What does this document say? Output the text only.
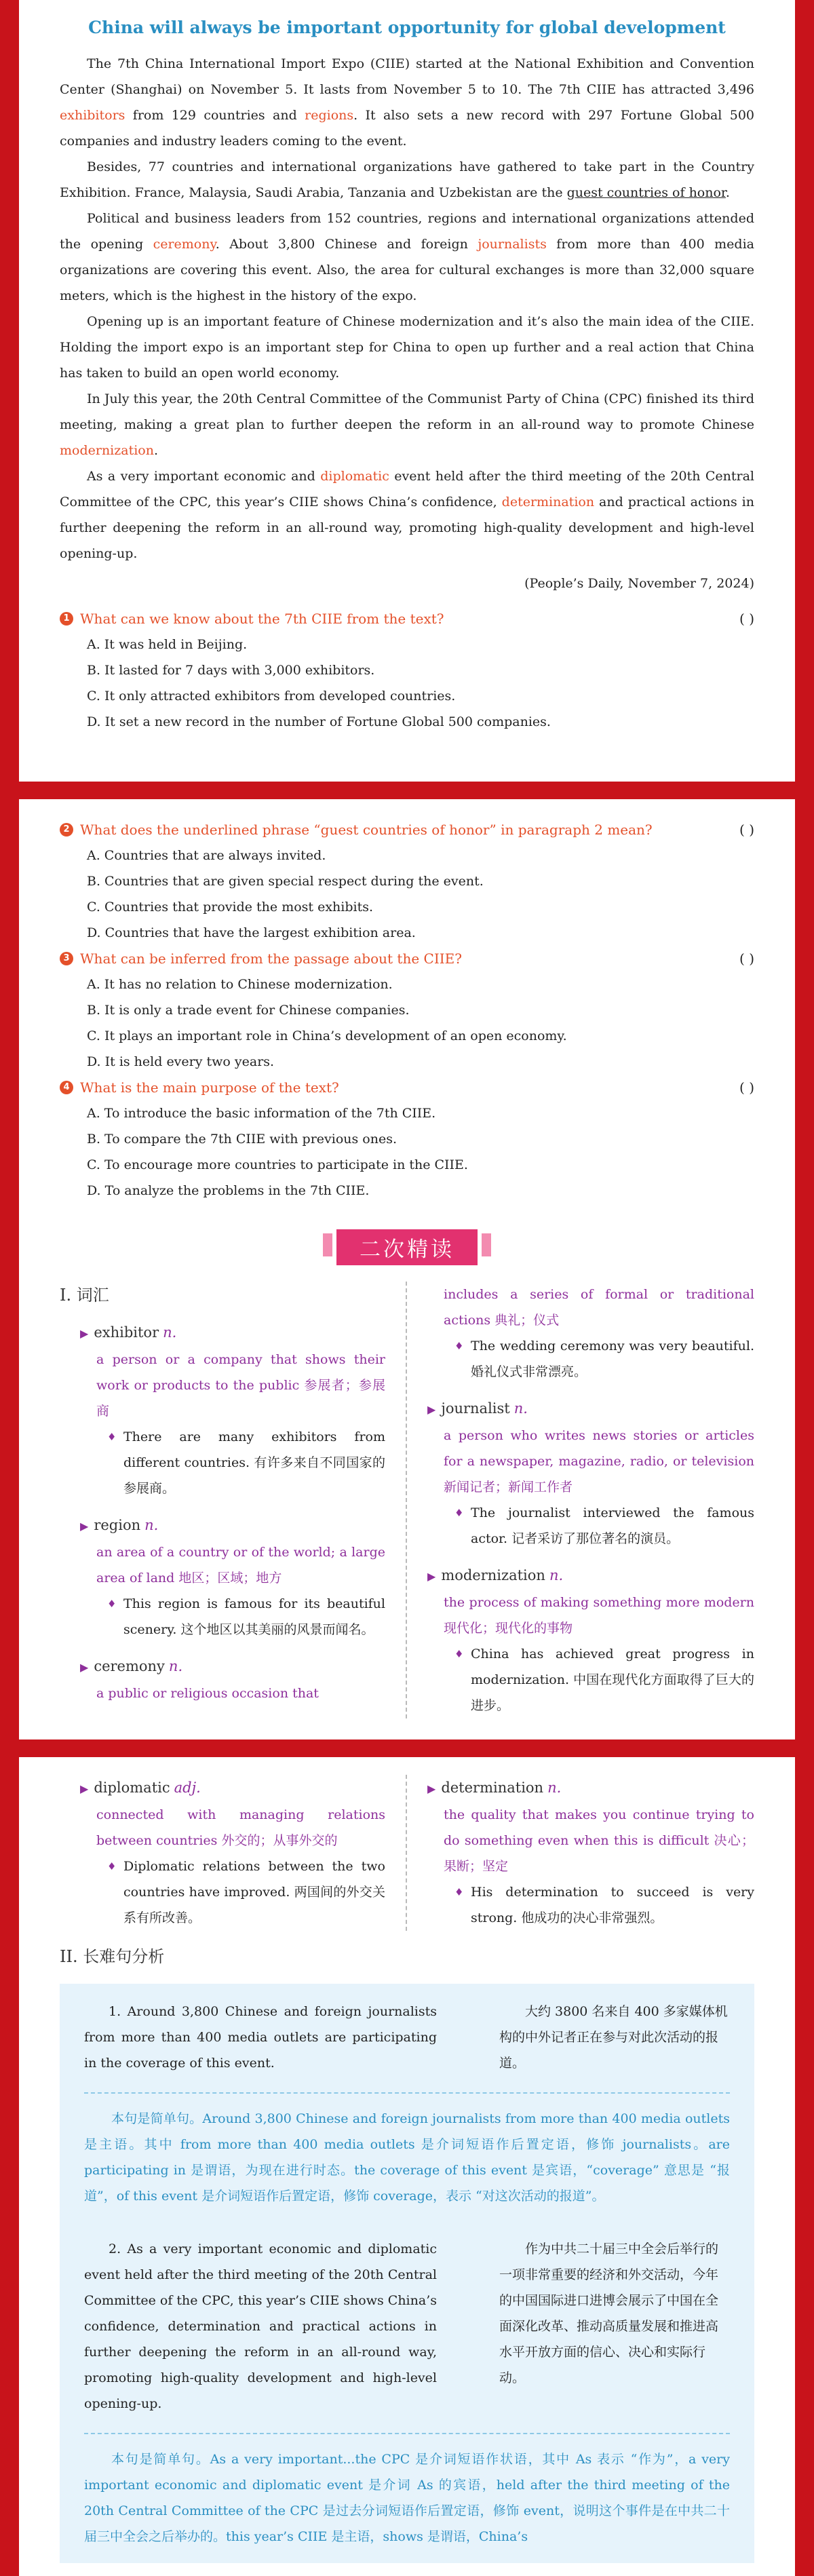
China will always be important opportunity for global development

The 7th China International Import Expo (CIIE) started at the National Exhibition and Convention Center (Shanghai) on November 5. It lasts from November 5 to 10. The 7th CIIE has attracted 3,496 exhibitors from 129 countries and regions. It also sets a new record with 297 Fortune Global 500 companies and industry leaders coming to the event.

Besides, 77 countries and international organizations have gathered to take part in the Country Exhibition. France, Malaysia, Saudi Arabia, Tanzania and Uzbekistan are the guest countries of honor.

Political and business leaders from 152 countries, regions and international organizations attended the opening ceremony. About 3,800 Chinese and foreign journalists from more than 400 media organizations are covering this event. Also, the area for cultural exchanges is more than 32,000 square meters, which is the highest in the history of the expo.

Opening up is an important feature of Chinese modernization and it’s also the main idea of the CIIE. Holding the import expo is an important step for China to open up further and a real action that China has taken to build an open world economy.

In July this year, the 20th Central Committee of the Communist Party of China (CPC) finished its third meeting, making a great plan to further deepen the reform in an all-round way to promote Chinese modernization.

As a very important economic and diplomatic event held after the third meeting of the 20th Central Committee of the CPC, this year’s CIIE shows China’s confidence, determination and practical actions in further deepening the reform in an all-round way, promoting high-quality development and high-level opening-up.

(People’s Daily, November 7, 2024)
1 What can we know about the 7th CIIE from the text?	( )
A. It was held in Beijing.
B. It lasted for 7 days with 3,000 exhibitors.
C. It only attracted exhibitors from developed countries.
D. It set a new record in the number of Fortune Global 500 companies.
2 What does the underlined phrase “guest countries of honor” in paragraph 2 mean?	( )
A. Countries that are always invited.
B. Countries that are given special respect during the event.
C. Countries that provide the most exhibits.
D. Countries that have the largest exhibition area.
3 What can be inferred from the passage about the CIIE?	( )
A. It has no relation to Chinese modernization.
B. It is only a trade event for Chinese companies.
C. It plays an important role in China’s development of an open economy.
D. It is held every two years.
4 What is the main purpose of the text?	( )
A. To introduce the basic information of the 7th CIIE.
B. To compare the 7th CIIE with previous ones.
C. To encourage more countries to participate in the CIIE.
D. To analyze the problems in the 7th CIIE.
二次精读
I. 词汇
▶ exhibitor n.
a person or a company that shows their work or products to the public 参展者；参展商
♦ There are many exhibitors from different countries. 有许多来自不同国家的参展商。
▶ region n.
an area of a country or of the world; a large area of land 地区；区域；地方
♦ This region is famous for its beautiful scenery. 这个地区以其美丽的风景而闻名。
▶ ceremony n.
a public or religious occasion that
includes a series of formal or traditional actions 典礼；仪式
♦ The wedding ceremony was very beautiful. 婚礼仪式非常漂亮。
▶ journalist n.
a person who writes news stories or articles for a newspaper, magazine, radio, or television 新闻记者；新闻工作者
♦ The journalist interviewed the famous actor. 记者采访了那位著名的演员。
▶ modernization n.
the process of making something more modern 现代化；现代化的事物
♦ China has achieved great progress in modernization. 中国在现代化方面取得了巨大的进步。
▶ diplomatic adj.
connected with managing relations between countries 外交的；从事外交的
♦ Diplomatic relations between the two countries have improved. 两国间的外交关系有所改善。
▶ determination n.
the quality that makes you continue trying to do something even when this is difficult 决心；果断；坚定
♦ His determination to succeed is very strong. 他成功的决心非常强烈。
II. 长难句分析
1. Around 3,800 Chinese and foreign journalists from more than 400 media outlets are participating in the coverage of this event.
大约 3800 名来自 400 多家媒体机构的中外记者正在参与对此次活动的报道。
本句是简单句。Around 3,800 Chinese and foreign journalists from more than 400 media outlets 是主语。其中 from more than 400 media outlets 是介词短语作后置定语，修饰 journalists。are participating in 是谓语，为现在进行时态。the coverage of this event 是宾语，“coverage” 意思是 “报道”，of this event 是介词短语作后置定语，修饰 coverage，表示 “对这次活动的报道”。
2. As a very important economic and diplomatic event held after the third meeting of the 20th Central Committee of the CPC, this year’s CIIE shows China’s confidence, determination and practical actions in further deepening the reform in an all-round way, promoting high-quality development and high-level opening-up.
作为中共二十届三中全会后举行的一项非常重要的经济和外交活动，今年的中国国际进口进博会展示了中国在全面深化改革、推动高质量发展和推进高水平开放方面的信心、决心和实际行动。
本句是简单句。As a very important...the CPC 是介词短语作状语，其中 As 表示 “作为”，a very important economic and diplomatic event 是介词 As 的宾语，held after the third meeting of the 20th Central Committee of the CPC 是过去分词短语作后置定语，修饰 event，说明这个事件是在中共二十届三中全会之后举办的。this year’s CIIE 是主语，shows 是谓语，China’s
